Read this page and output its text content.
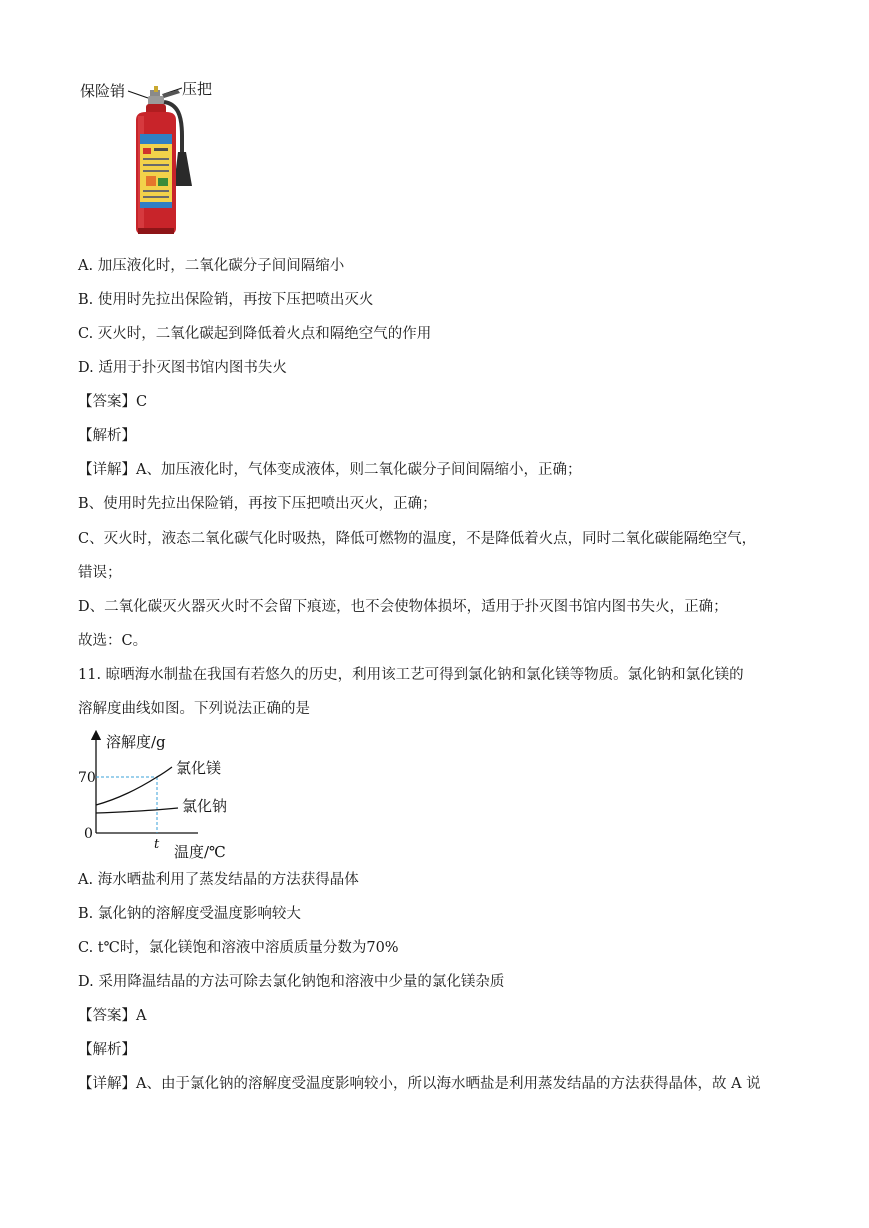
保险销	压把
A. 加压液化时，二氧化碳分子间间隔缩小
B. 使用时先拉出保险销，再按下压把喷出灭火
C. 灭火时，二氧化碳起到降低着火点和隔绝空气的作用
D. 适用于扑灭图书馆内图书失火
【答案】C
【解析】
【详解】A、加压液化时，气体变成液体，则二氧化碳分子间间隔缩小，正确；
B、使用时先拉出保险销，再按下压把喷出灭火，正确；
C、灭火时，液态二氧化碳气化时吸热，降低可燃物的温度，不是降低着火点，同时二氧化碳能隔绝空气，
错误；
D、二氧化碳灭火器灭火时不会留下痕迹，也不会使物体损坏，适用于扑灭图书馆内图书失火，正确；
故选：C。
11. 晾晒海水制盐在我国有若悠久的历史，利用该工艺可得到氯化钠和氯化镁等物质。氯化钠和氯化镁的
溶解度曲线如图。下列说法正确的是
溶解度/g
70
0
t 温度/℃
氯化镁
氯化钠
A. 海水晒盐利用了蒸发结晶的方法获得晶体
B. 氯化钠的溶解度受温度影响较大
C. t℃时，氯化镁饱和溶液中溶质质量分数为70%
D. 采用降温结晶的方法可除去氯化钠饱和溶液中少量的氯化镁杂质
【答案】A
【解析】
【详解】A、由于氯化钠的溶解度受温度影响较小，所以海水晒盐是利用蒸发结晶的方法获得晶体，故 A 说
